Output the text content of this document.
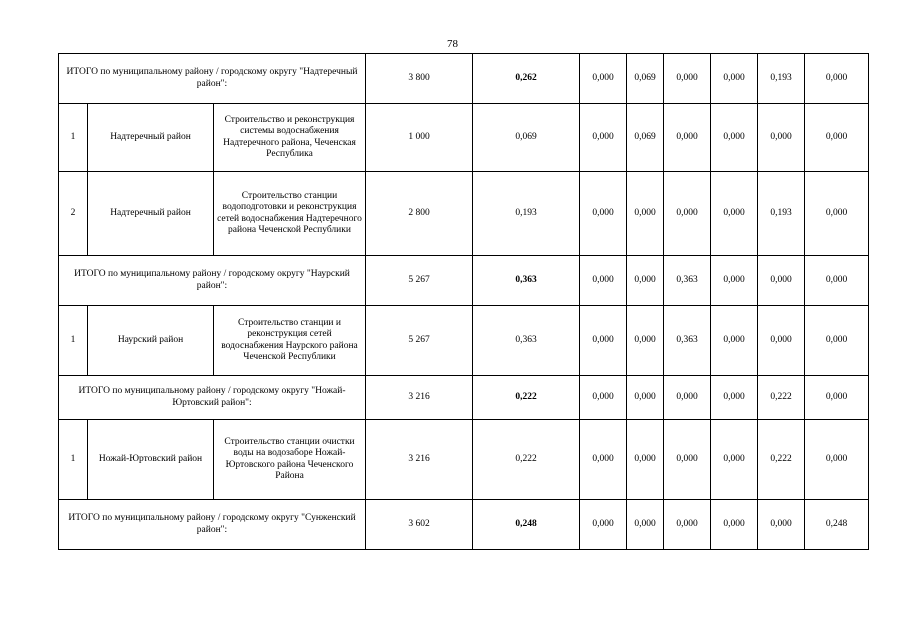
78
ИТОГО по муниципальному району / городскому округу "Надтеречный район":			3 800	0,262	0,000	0,069	0,000	0,000	0,193	0,000
1	Надтеречный район	Строительство и реконструкция системы водоснабжения Надтеречного района, Чеченская Республика	1 000	0,069	0,000	0,069	0,000	0,000	0,000	0,000
2	Надтеречный район	Строительство станции водоподготовки и реконструкция сетей водоснабжения Надтеречного района Чеченской Республики	2 800	0,193	0,000	0,000	0,000	0,000	0,193	0,000
ИТОГО по муниципальному району / городскому округу "Наурский район":			5 267	0,363	0,000	0,000	0,363	0,000	0,000	0,000
1	Наурский район	Строительство станции и реконструкция сетей водоснабжения Наурского района Чеченской Республики	5 267	0,363	0,000	0,000	0,363	0,000	0,000	0,000
ИТОГО по муниципальному району / городскому округу "Ножай-Юртовский район":			3 216	0,222	0,000	0,000	0,000	0,000	0,222	0,000
1	Ножай-Юртовский район	Строительство станции очистки воды на водозаборе Ножай-Юртовского района Чеченского Района	3 216	0,222	0,000	0,000	0,000	0,000	0,222	0,000
ИТОГО по муниципальному району / городскому округу "Сунженский район":			3 602	0,248	0,000	0,000	0,000	0,000	0,000	0,248
